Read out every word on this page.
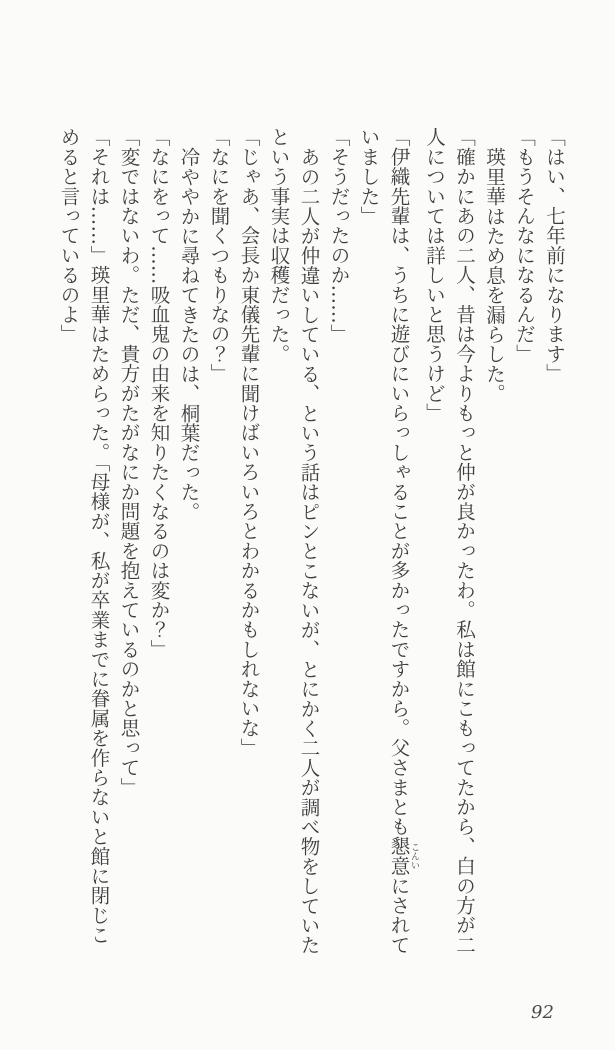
「はい、七年前になります」

「もうそんなになるんだ」

瑛里華はため息を漏らした。

「確かにあの二人、昔は今よりもっと仲が良かったわ。私は館にこもってたから、白の方が二人については詳しいと思うけど」

「伊織先輩は、うちに遊びにいらっしゃることが多かったですから。父さまとも懇意こんいにされていました」

「そうだったのか……」

あの二人が仲違いしている、という話はピンとこないが、とにかく二人が調べ物をしていたという事実は収穫だった。

「じゃあ、会長か東儀先輩に聞けばいろいろとわかるかもしれないな」

「なにを聞くつもりなの？」

冷ややかに尋ねてきたのは、桐葉だった。

「なにをって……吸血鬼の由来を知りたくなるのは変か？」

「変ではないわ。ただ、貴方がたがなにか問題を抱えているのかと思って」

「それは……」瑛里華はためらった。「母様が、私が卒業までに眷属を作らないと館に閉じこめると言っているのよ」

92
